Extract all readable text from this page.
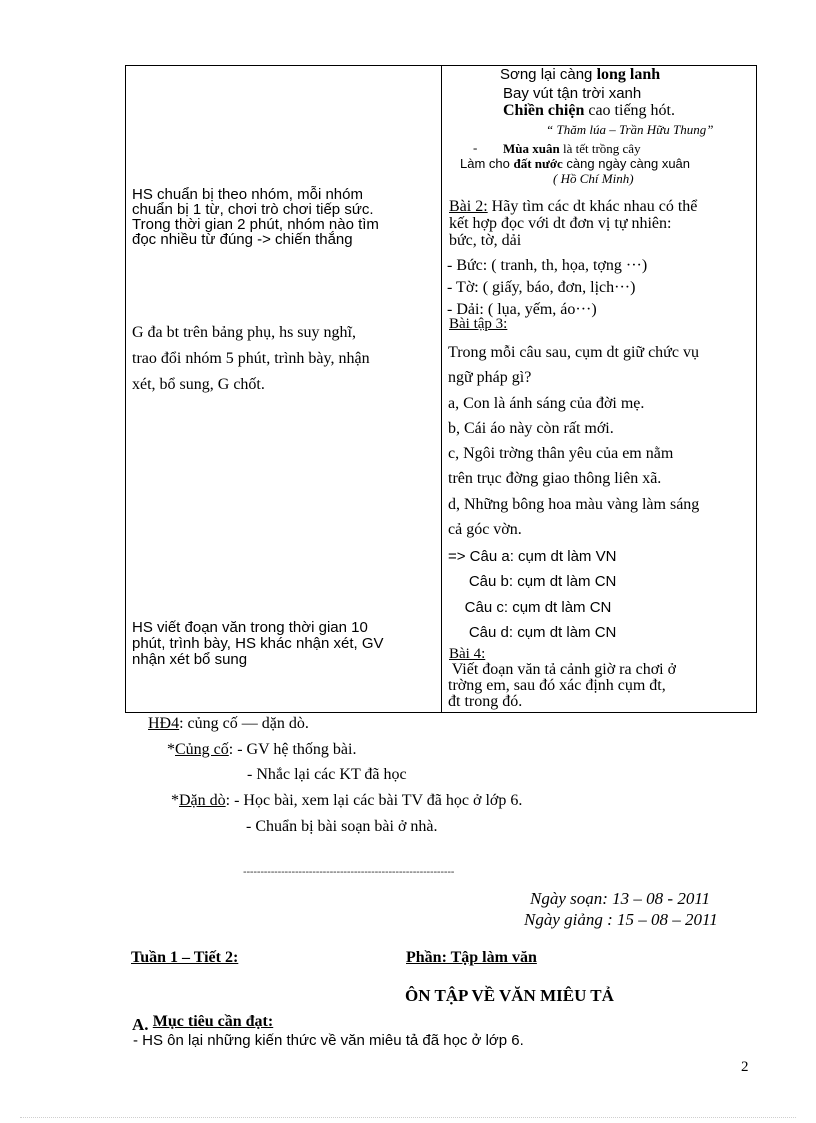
Sơng lại càng long lanh
Bay vút tận trời xanh
Chiền chiện cao tiếng hót.
“ Thăm lúa – Trần Hữu Thung”
- Mùa xuân là tết trồng cây
Làm cho đất nước càng ngày càng xuân
( Hồ Chí Minh)
HS chuẩn bị theo nhóm, mỗi nhóm
chuẩn bị 1 từ, chơi trò chơi tiếp sức.
Trong thời gian 2 phút, nhóm nào tìm
đọc nhiều từ đúng -> chiến thắng
G đa bt trên bảng phụ, hs suy nghĩ,
trao đổi nhóm 5 phút, trình bày, nhận
xét, bổ sung, G chốt.
HS viết đoạn văn trong thời gian 10
phút, trình bày, HS khác nhận xét, GV
nhận xét bổ sung
Bài 2: Hãy tìm các dt khác nhau có thể
kết hợp đọc với dt đơn vị tự nhiên:
bức, tờ, dải
- Bức: ( tranh, th, họa, tợng ···)
- Tờ: ( giấy, báo, đơn, lịch···)
- Dải: ( lụa, yếm, áo···)
Bài tập 3:
Trong mỗi câu sau, cụm dt giữ chức vụ
ngữ pháp gì?
a, Con là ánh sáng của đời mẹ.
b, Cái áo này còn rất mới.
c, Ngôi trờng thân yêu của em nằm
trên trục đờng giao thông liên xã.
d, Những bông hoa màu vàng làm sáng
cả góc vờn.
=> Câu a: cụm dt làm VN
Câu b: cụm dt làm CN
Câu c: cụm dt làm CN
Câu d: cụm dt làm CN
Bài 4:
Viết đoạn văn tả cảnh giờ ra chơi ở
trờng em, sau đó xác định cụm đt,
đt trong đó.
HĐ4: củng cố — dặn dò.
*Củng cố: - GV hệ thống bài.
- Nhắc lại các KT đã học
*Dặn dò: - Học bài, xem lại các bài TV đã học ở lớp 6.
- Chuẩn bị bài soạn bài ở nhà.
-------------------------------------------------------------
Ngày soạn: 13 – 08 - 2011
Ngày giảng : 15 – 08 – 2011
Tuần 1 – Tiết 2:	Phần: Tập làm văn
ÔN TẬP VỀ VĂN MIÊU TẢ
A. Mục tiêu cần đạt:
- HS ôn lại những kiến thức về văn miêu tả đã học ở lớp 6.
2
